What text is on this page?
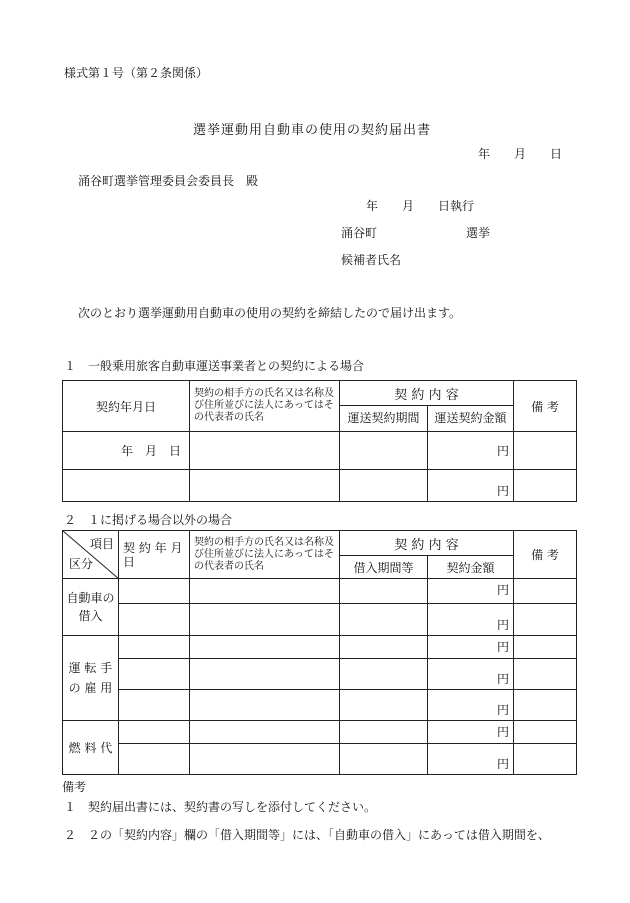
様式第１号（第２条関係）
選挙運動用自動車の使用の契約届出書
年　　月　　日
涌谷町選挙管理委員会委員長　殿
年　　月　　日執行
涌谷町	選挙
候補者氏名
次のとおり選挙運動用自動車の使用の契約を締結したので届け出ます。
１　一般乗用旅客自動車運送事業者との契約による場合
契約年月日	契約の相手方の氏名又は名称及び住所並びに法人にあってはその代表者の氏名	契 約 内 容		備 考
		運送契約期間	運送契約金額	
年　月　日			円	
			円	
２　１に掲げる場合以外の場合
項目
区分	契 約 年 月 日	契約の相手方の氏名又は名称及び住所並びに法人にあってはその代表者の氏名	契 約 内 容		備 考
			借入期間等	契約金額	
自動車の借入				円	
				円	
運 転 手の 雇 用				円	
				円	
				円	
燃 料 代				円	
				円	
備考
１　契約届出書には、契約書の写しを添付してください。
２　２の「契約内容」欄の「借入期間等」には、「自動車の借入」にあっては借入期間を、
